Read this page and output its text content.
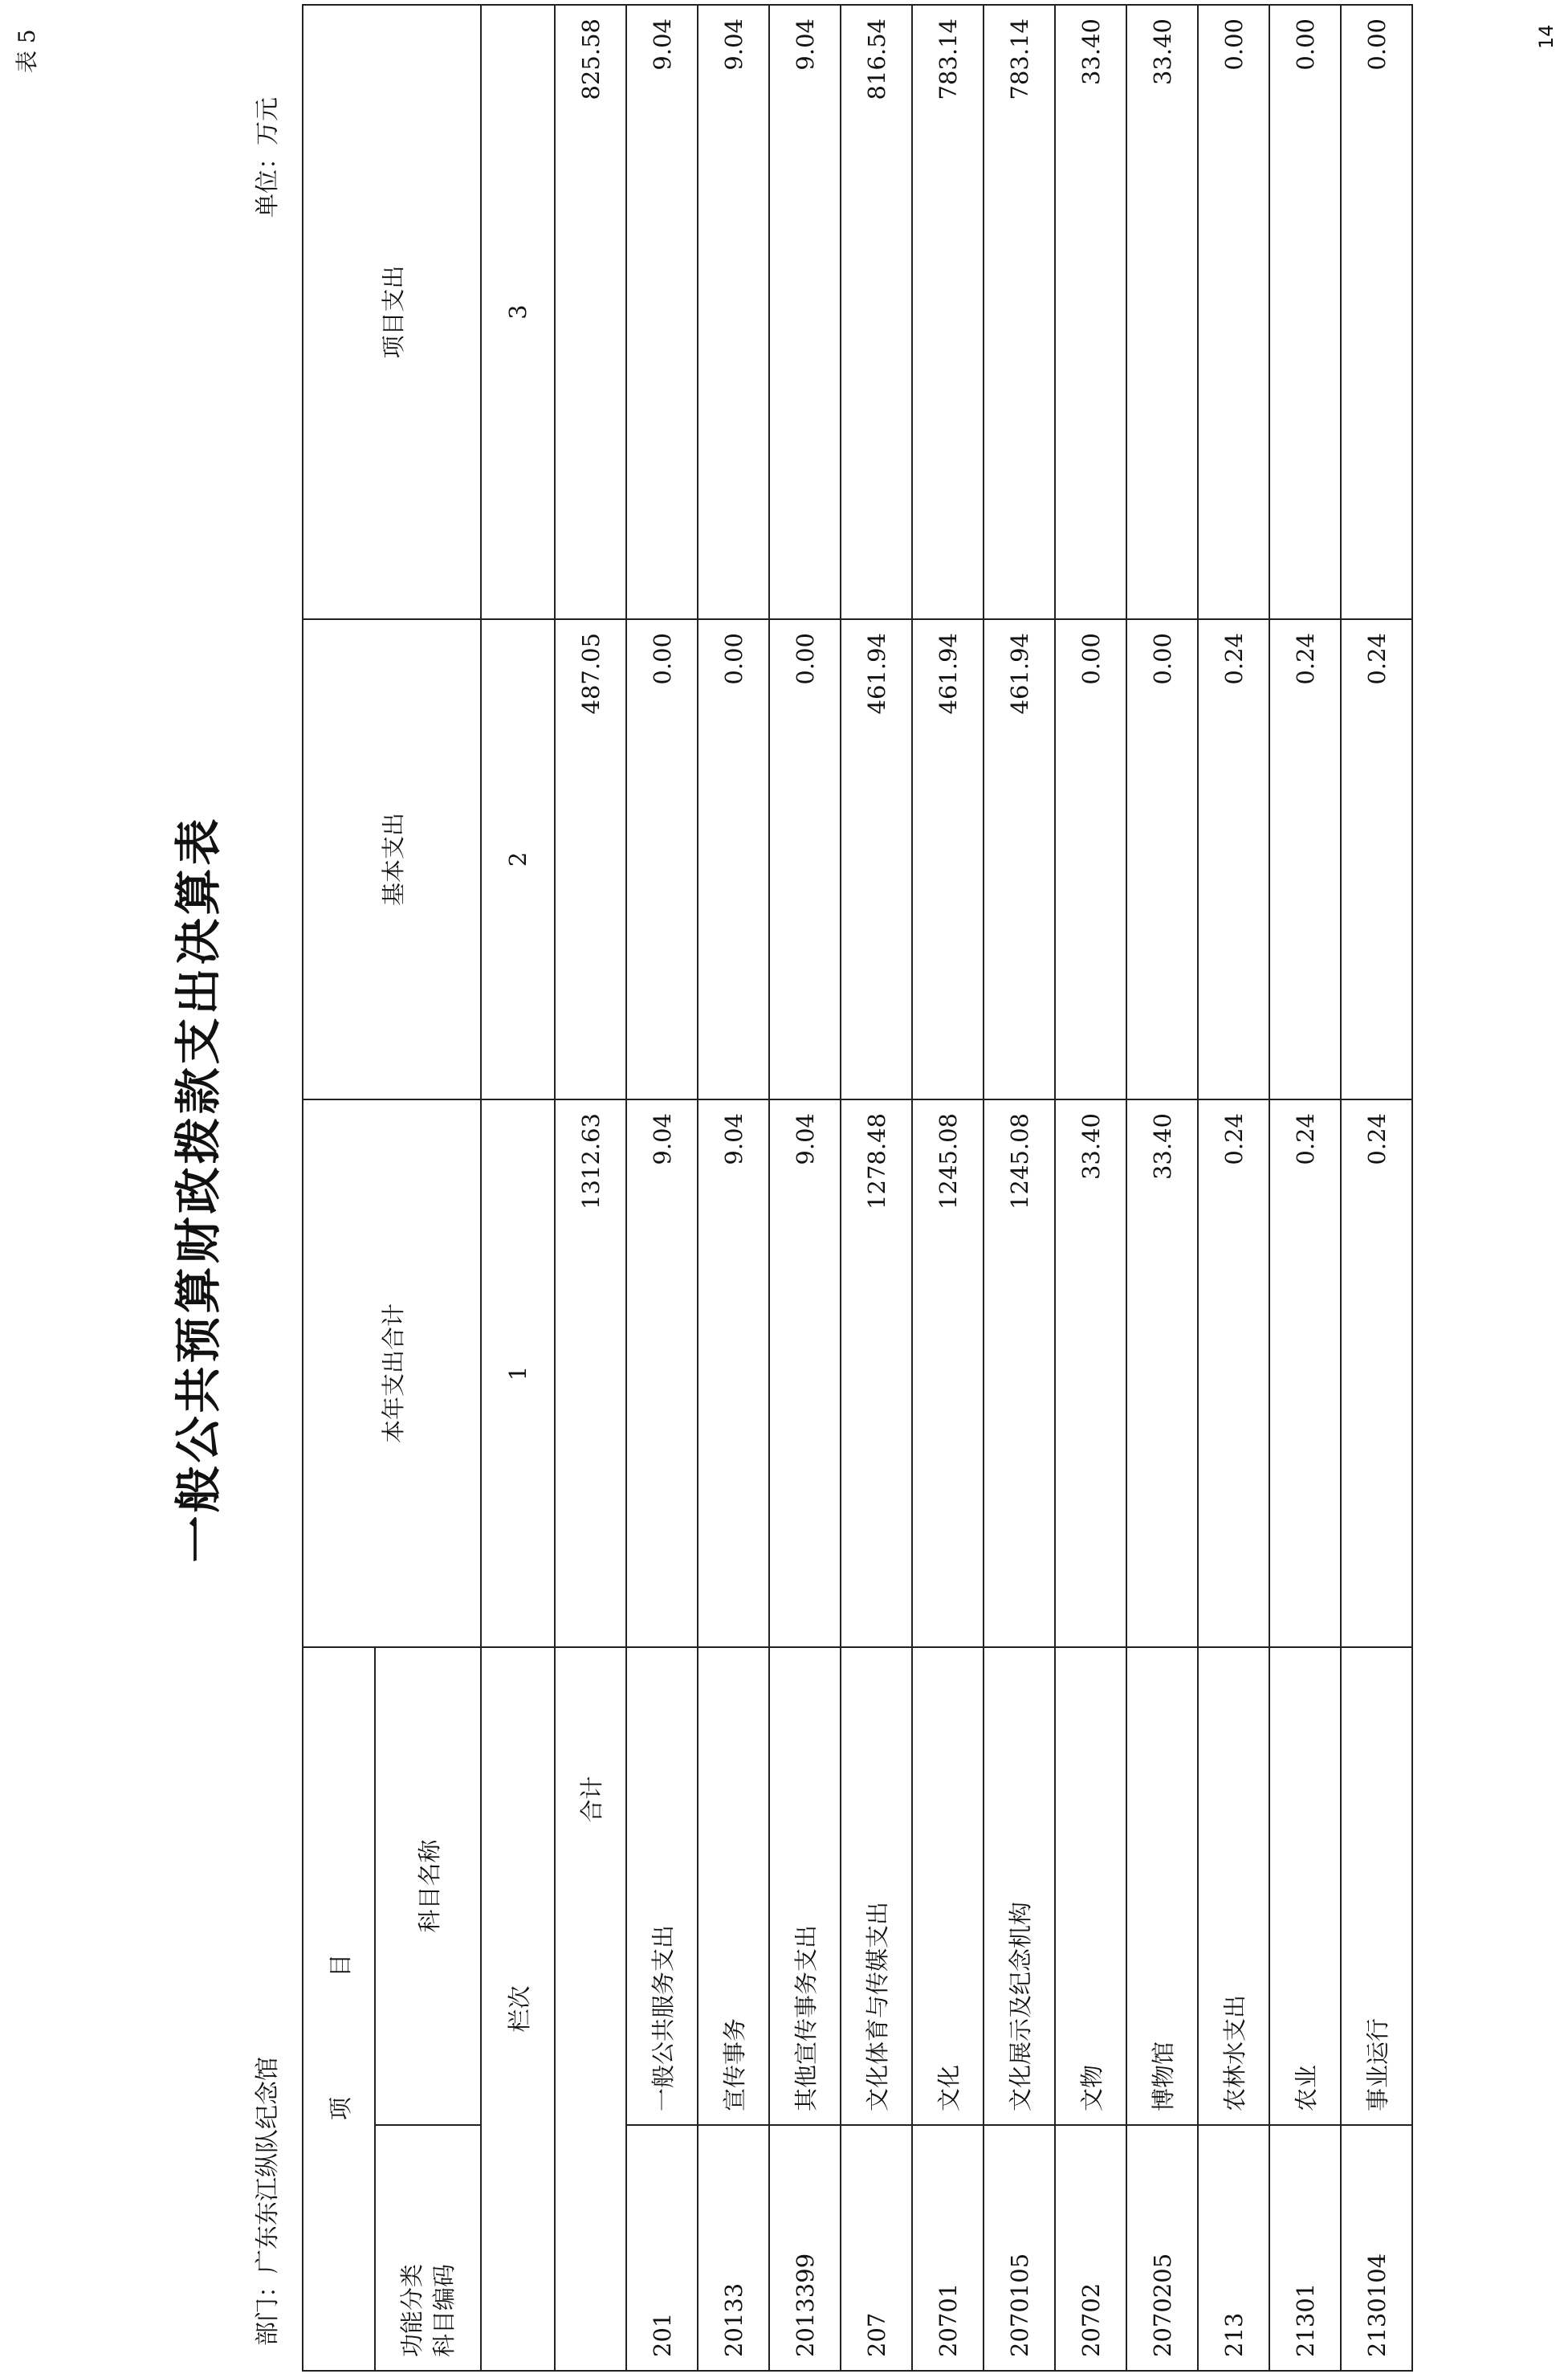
表 5
一般公共预算财政拨款支出决算表
部门：广东东江纵队纪念馆
单位：万元
项 目		本年支出合计	基本支出	项目支出

功能分类 科目编码	科目名称			
栏次		1	2	3
合计		1312.63	487.05	825.58
201	一般公共服务支出	9.04	0.00	9.04
20133	宣传事务	9.04	0.00	9.04
2013399	其他宣传事务支出	9.04	0.00	9.04
207	文化体育与传媒支出	1278.48	461.94	816.54
20701	文化	1245.08	461.94	783.14
2070105	文化展示及纪念机构	1245.08	461.94	783.14
20702	文物	33.40	0.00	33.40
2070205	博物馆	33.40	0.00	33.40
213	农林水支出	0.24	0.24	0.00
21301	农业	0.24	0.24	0.00
2130104	事业运行	0.24	0.24	0.00	14
